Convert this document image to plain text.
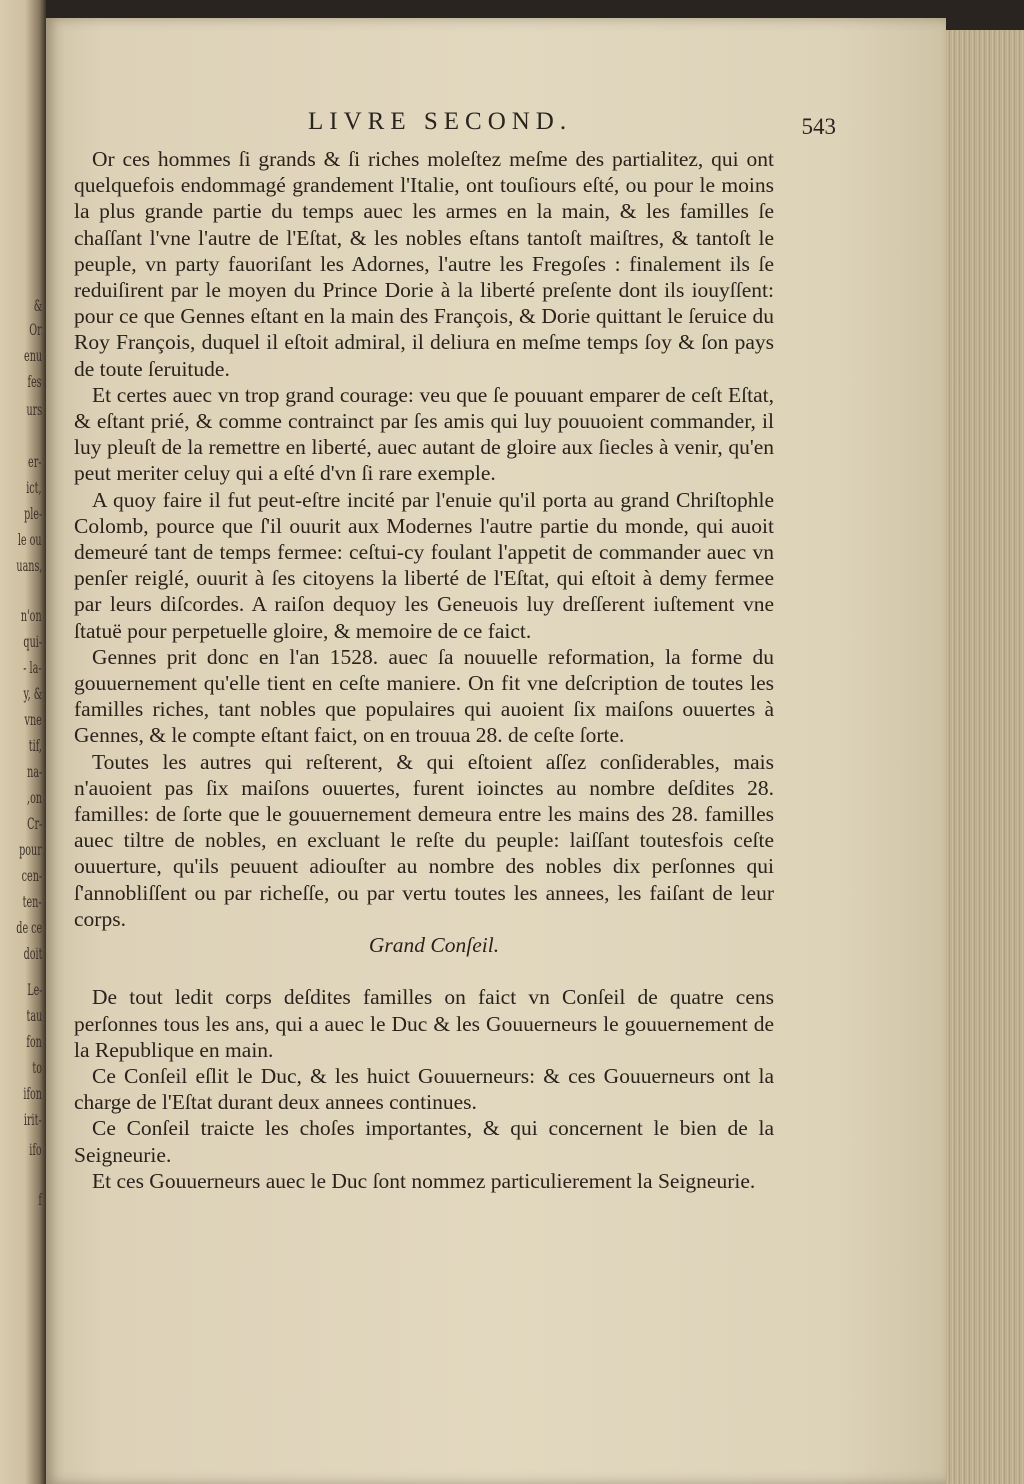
&
Or
enu
fes
urs
er-
ict,
ple-
le ou
uans,
n'on
qui-
- la-
y, &
vne
tif,
na-
,on
Cr-
pour
cen-
ten-
de ce
doit
Le-
tau
fon
to
ifon
irit-
ifo
f
LIVRE SECOND.	543

Or ces hommes ſi grands & ſi riches moleſtez meſme des partialitez, qui ont quelquefois endommagé grandement l'Italie, ont touſiours eſté, ou pour le moins la plus grande partie du temps auec les armes en la main, & les familles ſe chaſſant l'vne l'autre de l'Eſtat, & les nobles eſtans tantoſt maiſtres, & tantoſt le peuple, vn party fauoriſant les Adornes, l'autre les Fregoſes : finalement ils ſe reduiſirent par le moyen du Prince Dorie à la liberté preſente dont ils iouyſſent: pour ce que Gennes eſtant en la main des François, & Dorie quittant le ſeruice du Roy François, duquel il eſtoit admiral, il deliura en meſme temps ſoy & ſon pays de toute ſeruitude.

Et certes auec vn trop grand courage: veu que ſe pouuant emparer de ceſt Eſtat, & eſtant prié, & comme contrainct par ſes amis qui luy pouuoient commander, il luy pleuſt de la remettre en liberté, auec autant de gloire aux ſiecles à venir, qu'en peut meriter celuy qui a eſté d'vn ſi rare exemple.

A quoy faire il fut peut-eſtre incité par l'enuie qu'il porta au grand Chriſtophle Colomb, pource que ſ'il ouurit aux Modernes l'autre partie du monde, qui auoit demeuré tant de temps fermee: ceſtui-cy foulant l'appetit de commander auec vn penſer reiglé, ouurit à ſes citoyens la liberté de l'Eſtat, qui eſtoit à demy fermee par leurs diſcordes. A raiſon dequoy les Geneuois luy dreſſerent iuſtement vne ſtatuë pour perpetuelle gloire, & memoire de ce faict.

Gennes prit donc en l'an 1528. auec ſa nouuelle reformation, la forme du gouuernement qu'elle tient en ceſte maniere. On fit vne deſcription de toutes les familles riches, tant nobles que populaires qui auoient ſix maiſons ouuertes à Gennes, & le compte eſtant faict, on en trouua 28. de ceſte ſorte.

Toutes les autres qui reſterent, & qui eſtoient aſſez conſiderables, mais n'auoient pas ſix maiſons ouuertes, furent ioinctes au nombre deſdites 28. familles: de ſorte que le gouuernement demeura entre les mains des 28. familles auec tiltre de nobles, en excluant le reſte du peuple: laiſſant toutesfois ceſte ouuerture, qu'ils peuuent adiouſter au nombre des nobles dix perſonnes qui ſ'annobliſſent ou par richeſſe, ou par vertu toutes les annees, les faiſant de leur corps.

Grand Conſeil.

De tout ledit corps deſdites familles on faict vn Conſeil de quatre cens perſonnes tous les ans, qui a auec le Duc & les Gouuerneurs le gouuernement de la Republique en main.

Ce Conſeil eſlit le Duc, & les huict Gouuerneurs: & ces Gouuerneurs ont la charge de l'Eſtat durant deux annees continues.

Ce Conſeil traicte les choſes importantes, & qui concernent le bien de la Seigneurie.

Et ces Gouuerneurs auec le Duc ſont nommez particulierement la Seigneurie.
